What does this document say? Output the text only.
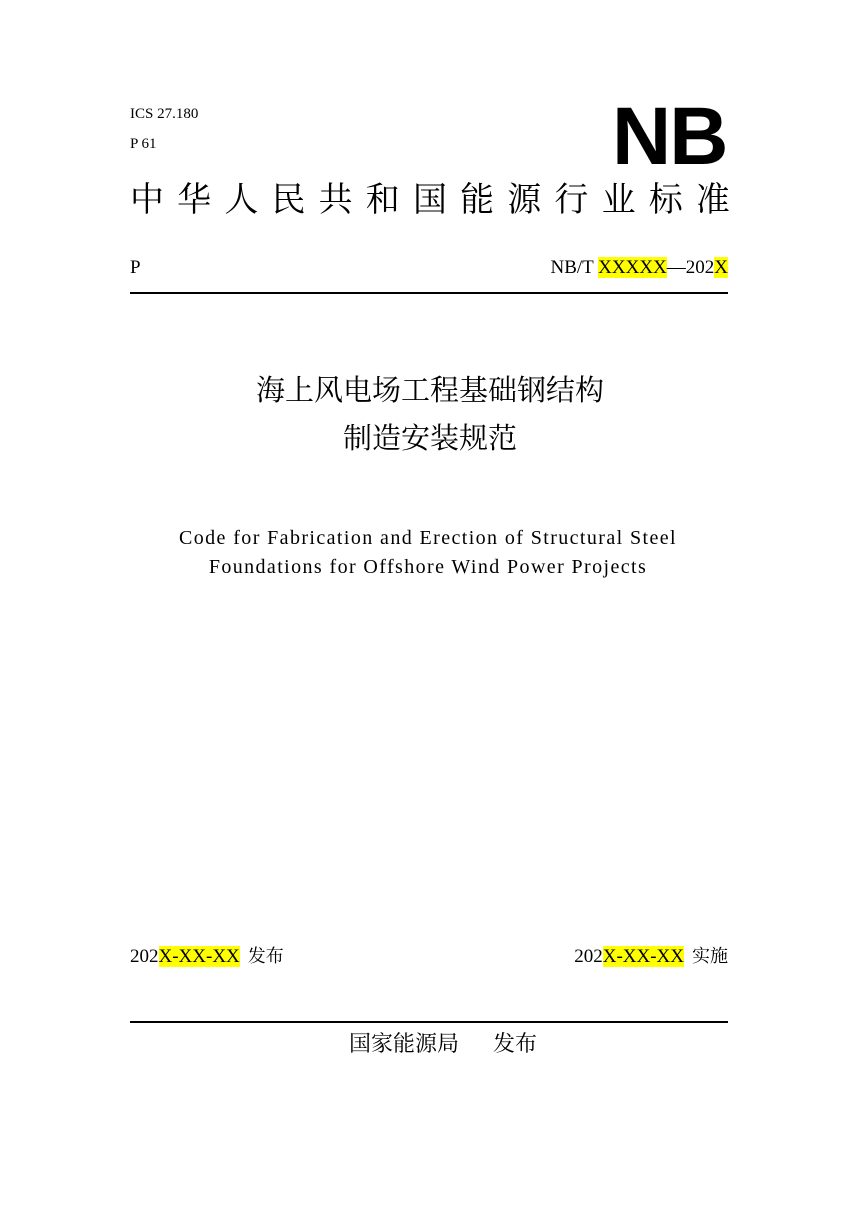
ICS 27.180
P 61	NB
中 华 人 民 共 和 国 能 源 行 业 标 准
P	NB/T XXXXX—202X
海上风电场工程基础钢结构
制造安装规范
Code for Fabrication and Erection of Structural Steel
Foundations for Offshore Wind Power Projects
202X-XX-XX 发布	202X-XX-XX 实施
国家能源局 发布
